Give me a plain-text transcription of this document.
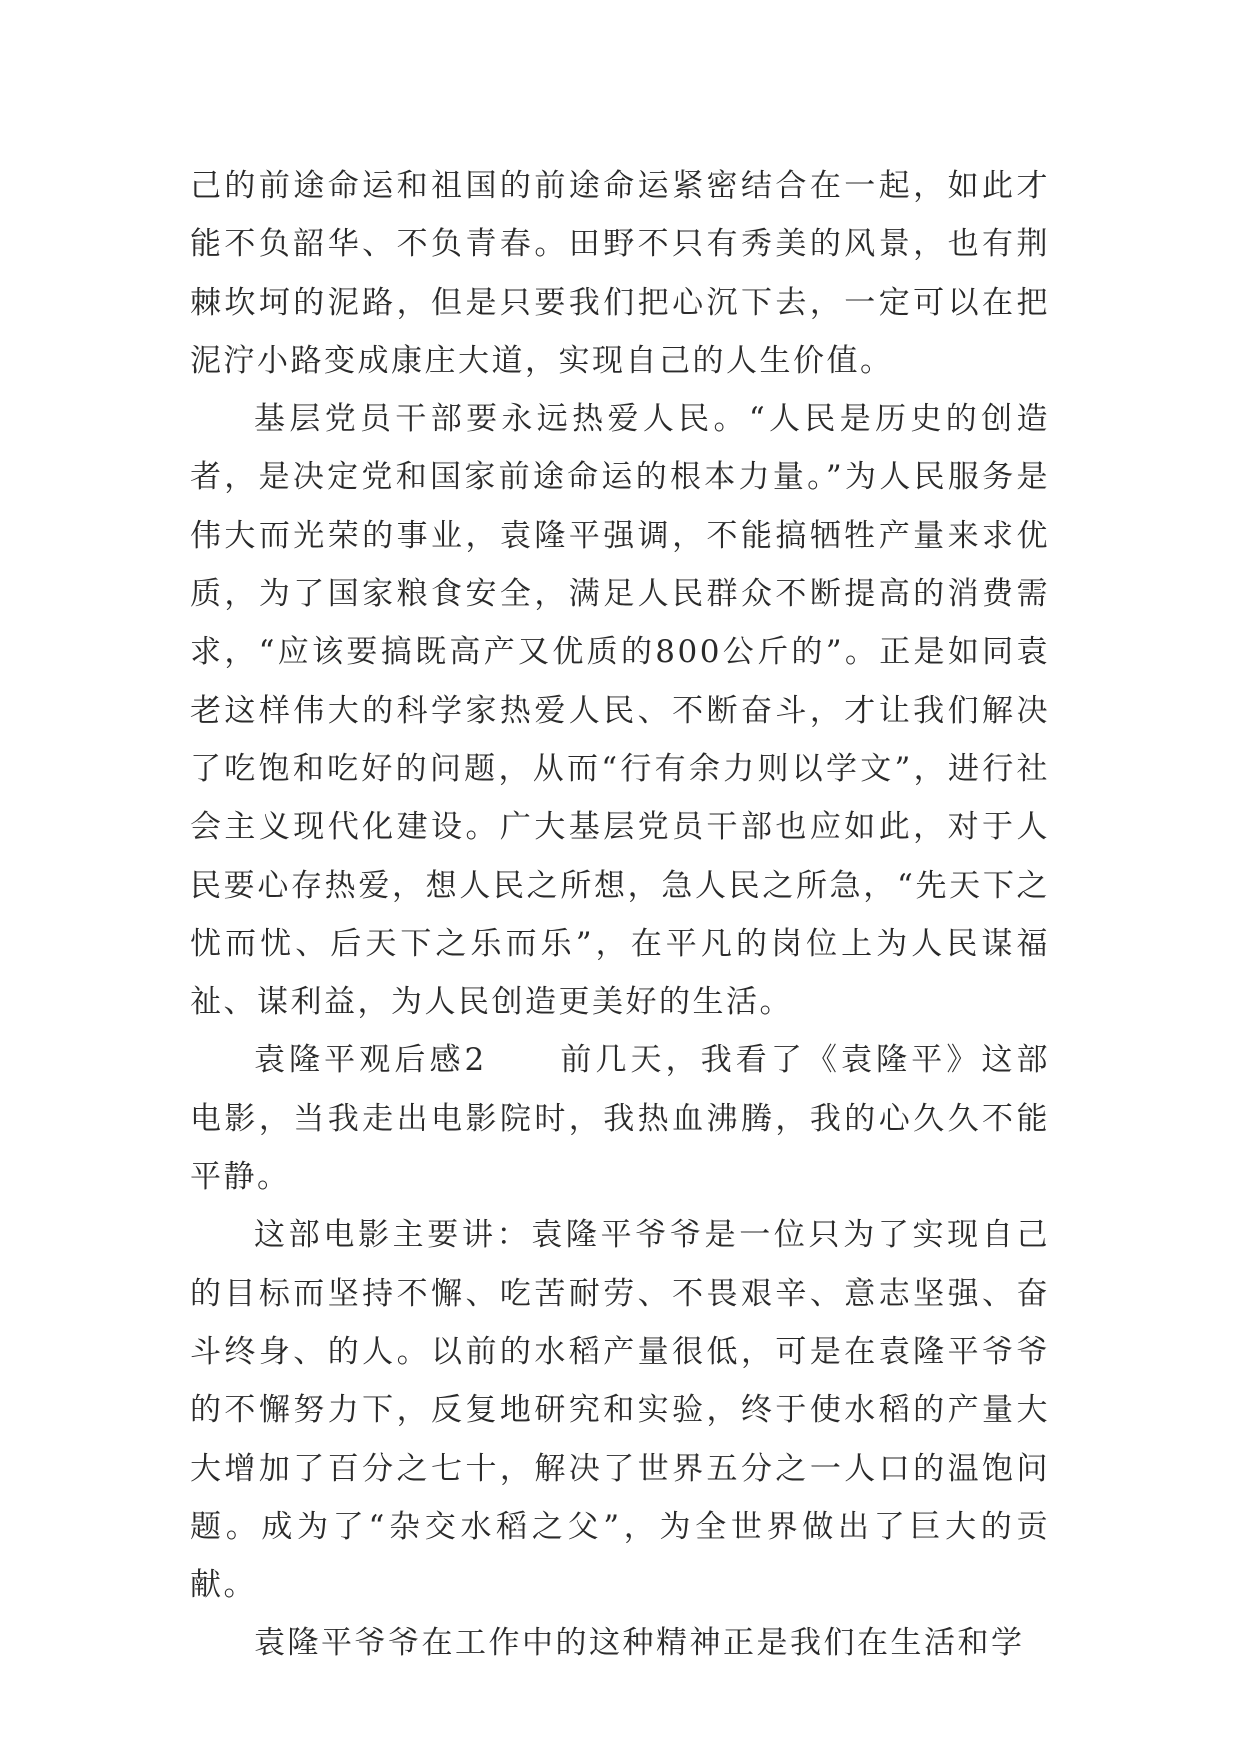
己的前途命运和祖国的前途命运紧密结合在一起，如此才能不负韶华、不负青春。田野不只有秀美的风景，也有荆棘坎坷的泥路，但是只要我们把心沉下去，一定可以在把泥泞小路变成康庄大道，实现自己的人生价值。

基层党员干部要永远热爱人民。“人民是历史的创造者，是决定党和国家前途命运的根本力量。”为人民服务是伟大而光荣的事业，袁隆平强调，不能搞牺牲产量来求优质，为了国家粮食安全，满足人民群众不断提高的消费需求，“应该要搞既高产又优质的800公斤的”。正是如同袁老这样伟大的科学家热爱人民、不断奋斗，才让我们解决了吃饱和吃好的问题，从而“行有余力则以学文”，进行社会主义现代化建设。广大基层党员干部也应如此，对于人民要心存热爱，想人民之所想，急人民之所急，“先天下之忧而忧、后天下之乐而乐”，在平凡的岗位上为人民谋福祉、谋利益，为人民创造更美好的生活。

袁隆平观后感2 前几天，我看了《袁隆平》这部电影，当我走出电影院时，我热血沸腾，我的心久久不能平静。

这部电影主要讲：袁隆平爷爷是一位只为了实现自己的目标而坚持不懈、吃苦耐劳、不畏艰辛、意志坚强、奋斗终身、的人。以前的水稻产量很低，可是在袁隆平爷爷的不懈努力下，反复地研究和实验，终于使水稻的产量大大增加了百分之七十，解决了世界五分之一人口的温饱问题。成为了“杂交水稻之父”，为全世界做出了巨大的贡献。

袁隆平爷爷在工作中的这种精神正是我们在生活和学
